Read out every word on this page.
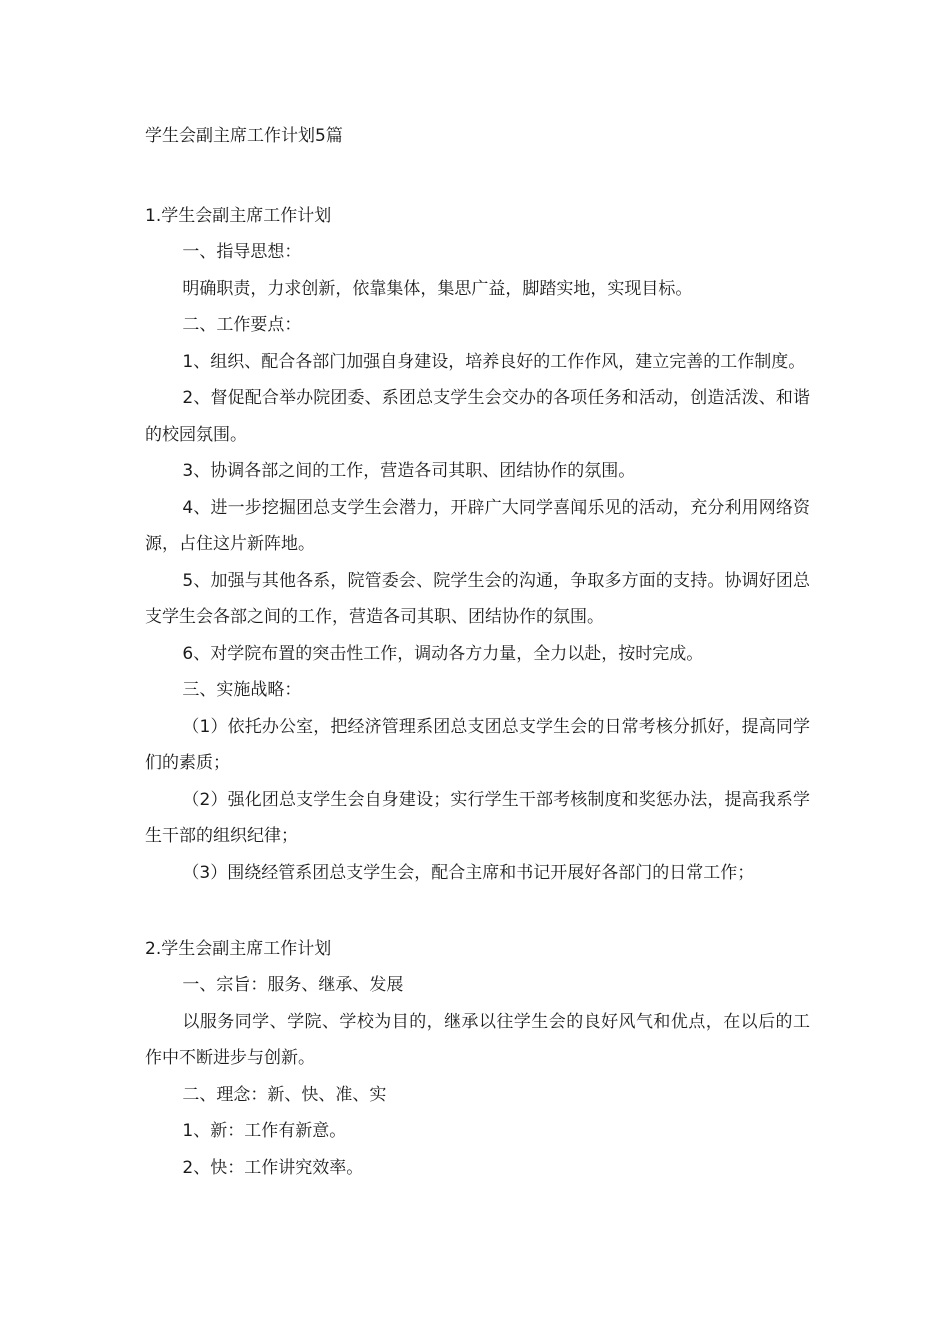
学生会副主席工作计划5篇
1.学生会副主席工作计划

一、指导思想：

明确职责，力求创新，依靠集体，集思广益，脚踏实地，实现目标。

二、工作要点：

1、组织、配合各部门加强自身建设，培养良好的工作作风，建立完善的工作制度。

2、督促配合举办院团委、系团总支学生会交办的各项任务和活动，创造活泼、和谐的校园氛围。

3、协调各部之间的工作，营造各司其职、团结协作的氛围。

4、进一步挖掘团总支学生会潜力，开辟广大同学喜闻乐见的活动，充分利用网络资源，占住这片新阵地。

5、加强与其他各系，院管委会、院学生会的沟通，争取多方面的支持。协调好团总支学生会各部之间的工作，营造各司其职、团结协作的氛围。

6、对学院布置的突击性工作，调动各方力量，全力以赴，按时完成。

三、实施战略：

（1）依托办公室，把经济管理系团总支团总支学生会的日常考核分抓好，提高同学们的素质；

（2）强化团总支学生会自身建设；实行学生干部考核制度和奖惩办法，提高我系学生干部的组织纪律；

（3）围绕经管系团总支学生会，配合主席和书记开展好各部门的日常工作；

2.学生会副主席工作计划

一、宗旨：服务、继承、发展

以服务同学、学院、学校为目的，继承以往学生会的良好风气和优点，在以后的工作中不断进步与创新。

二、理念：新、快、准、实

1、新：工作有新意。

2、快：工作讲究效率。
